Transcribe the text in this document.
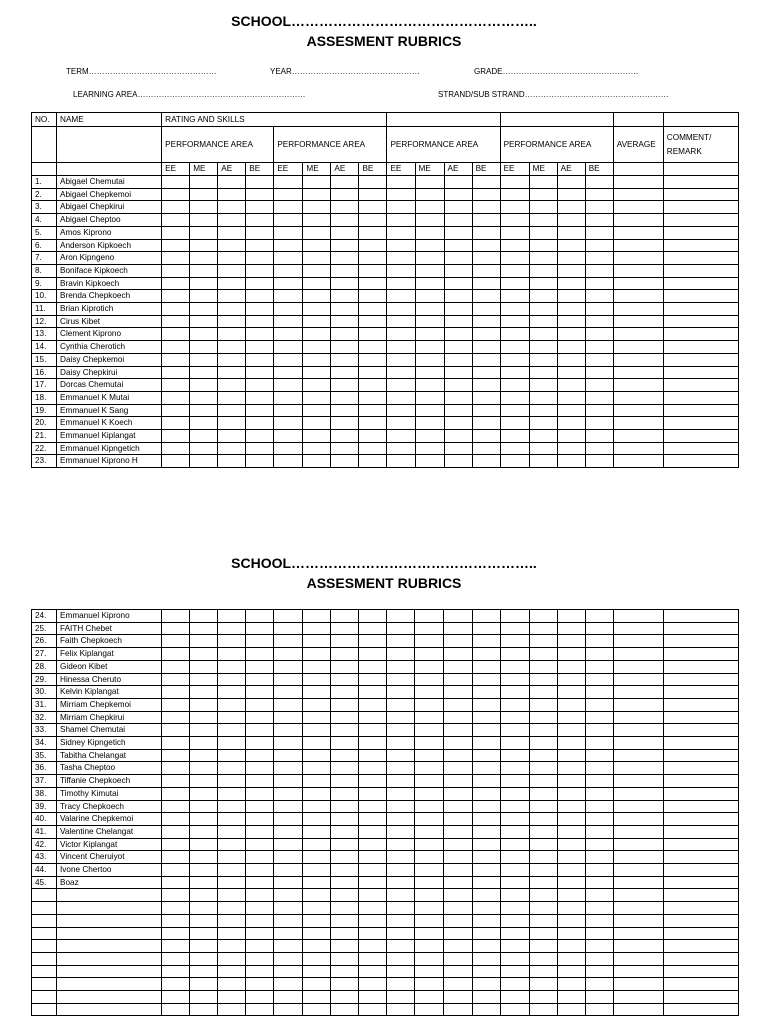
SCHOOL……………………………………………..
ASSESMENT RUBRICS
TERM…………………………………………	YEAR…………………………………………	GRADE……………………………………………
LEARNING AREA………………………………………………………	STRAND/SUB STRAND………………………………………………
NO.	NAME	RATING AND SKILLS																	
		PERFORMANCE AREA				PERFORMANCE AREA				PERFORMANCE AREA				PERFORMANCE AREA				AVERAGE	COMMENT/ REMARK
		EE	ME	AE	BE	EE	ME	AE	BE	EE	ME	AE	BE	EE	ME	AE	BE		
1.	Abigael Chemutai																		
2.	Abigael Chepkemoi																		
3.	Abigael Chepkirui																		
4.	Abigael Cheptoo																		
5.	Amos Kiprono																		
6.	Anderson Kipkoech																		
7.	Aron Kipngeno																		
8.	Boniface Kipkoech																		
9.	Bravin Kipkoech																		
10.	Brenda Chepkoech																		
11.	Brian Kiprotich																		
12.	Cirus Kibet																		
13.	Clement Kiprono																		
14.	Cynthia Cherotich																		
15.	Daisy Chepkemoi																		
16.	Daisy Chepkirui																		
17.	Dorcas Chemutai																		
18.	Emmanuel K Mutai																		
19.	Emmanuel K Sang																		
20.	Emmanuel K Koech																		
21.	Emmanuel Kiplangat																		
22.	Emmanuel Kipngetich																		
23.	Emmanuel Kiprono H																		
SCHOOL……………………………………………..
ASSESMENT RUBRICS
24.	Emmanuel Kiprono																		
25.	FAITH Chebet																		
26.	Faith Chepkoech																		
27.	Felix Kiplangat																		
28.	Gideon Kibet																		
29.	Hinessa Cheruto																		
30.	Kelvin Kiplangat																		
31.	Mirriam Chepkemoi																		
32.	Mirriam Chepkirui																		
33.	Shamel Chemutai																		
34.	Sidney Kipngetich																		
35.	Tabitha Chelangat																		
36.	Tasha Cheptoo																		
37.	Tiffanie Chepkoech																		
38.	Timothy Kimutai																		
39.	Tracy Chepkoech																		
40.	Valarine Chepkemoi																		
41.	Valentine Chelangat																		
42.	Victor Kiplangat																		
43.	Vincent Cheruiyot																		
44.	Ivone Chertoo																		
45.	Boaz																		
